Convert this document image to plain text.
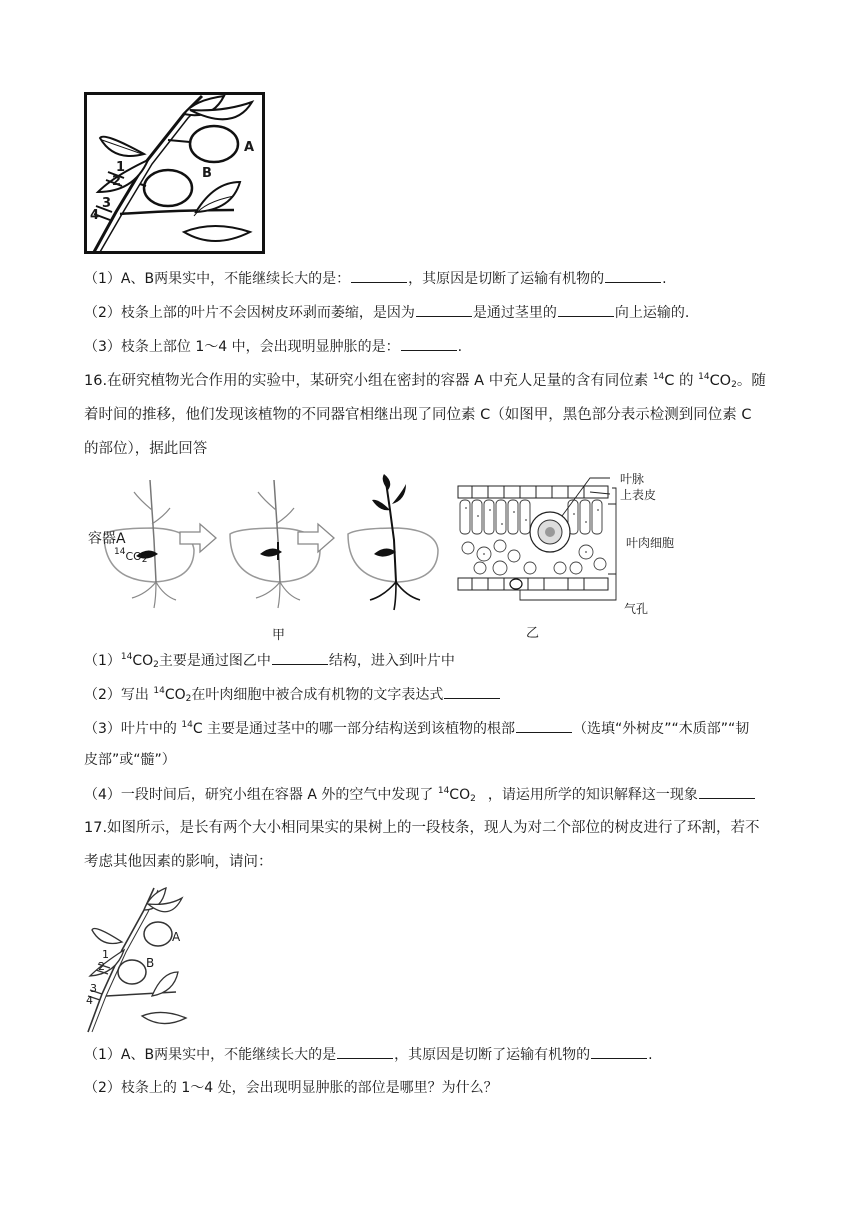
A
B
1
2
3
4
（1）A、B两果实中，不能继续长大的是：	，其原因是切断了运输有机物的	.
（2）枝条上部的叶片不会因树皮环剥而萎缩，是因为	是通过茎里的	向上运输的.
（3）枝条上部位 1～4 中，会出现明显肿胀的是：	.
16.在研究植物光合作用的实验中，某研究小组在密封的容器 A 中充人足量的含有同位素 $^{14}$C 的 $^{14}CO_2$。随
着时间的推移，他们发现该植物的不同器官相继出现了同位素 C（如图甲，黑色部分表示检测到同位素 C
的部位），据此回答
容器A
$^{14}CO_2$
甲
叶脉
上表皮
叶肉细胞
气孔
乙
$(1)^{14}CO_2$主要是通过图乙中	结构，进入到叶片中
（2）写出 $^{14}CO_2$在叶肉细胞中被合成有机物的文字表达式
（3）叶片中的 $^{14}$C 主要是通过茎中的哪一部分结构送到该植物的根部	（选填“外树皮”“木质部”“韧
皮部”或“髓”）
（4）一段时间后，研究小组在容器 A 外的空气中发现了 $^{14}CO_2$ ，请运用所学的知识解释这一现象
17.如图所示，是长有两个大小相同果实的果树上的一段枝条，现人为对二个部位的树皮进行了环割，若不
考虑其他因素的影响，请问：
A
B
1
2
3
4
（1）A、B两果实中，不能继续长大的是	，其原因是切断了运输有机物的	.
（2）枝条上的 1～4 处，会出现明显肿胀的部位是哪里？为什么？
